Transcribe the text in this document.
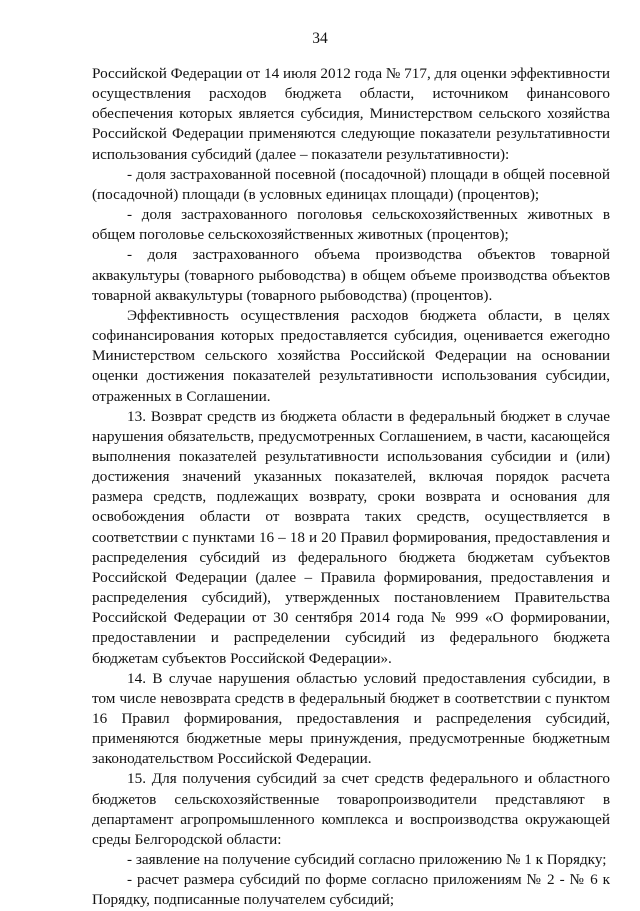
34

Российской Федерации от 14 июля 2012 года № 717, для оценки эффективности осуществления расходов бюджета области, источником финансового обеспечения которых является субсидия, Министерством сельского хозяйства Российской Федерации применяются следующие показатели результативности использования субсидий (далее – показатели результативности):

- доля застрахованной посевной (посадочной) площади в общей посевной (посадочной) площади (в условных единицах площади) (процентов);

- доля застрахованного поголовья сельскохозяйственных животных в общем поголовье сельскохозяйственных животных (процентов);

- доля застрахованного объема производства объектов товарной аквакультуры (товарного рыбоводства) в общем объеме производства объектов товарной аквакультуры (товарного рыбоводства) (процентов).

Эффективность осуществления расходов бюджета области, в целях софинансирования которых предоставляется субсидия, оценивается ежегодно Министерством сельского хозяйства Российской Федерации на основании оценки достижения показателей результативности использования субсидии, отраженных в Соглашении.

13. Возврат средств из бюджета области в федеральный бюджет в случае нарушения обязательств, предусмотренных Соглашением, в части, касающейся выполнения показателей результативности использования субсидии и (или) достижения значений указанных показателей, включая порядок расчета размера средств, подлежащих возврату, сроки возврата и основания для освобождения области от возврата таких средств, осуществляется в соответствии с пунктами 16 – 18 и 20 Правил формирования, предоставления и распределения субсидий из федерального бюджета бюджетам субъектов Российской Федерации (далее – Правила формирования, предоставления и распределения субсидий), утвержденных постановлением Правительства Российской Федерации от 30 сентября 2014 года № 999 «О формировании, предоставлении и распределении субсидий из федерального бюджета бюджетам субъектов Российской Федерации».

14. В случае нарушения областью условий предоставления субсидии, в том числе невозврата средств в федеральный бюджет в соответствии с пунктом 16 Правил формирования, предоставления и распределения субсидий, применяются бюджетные меры принуждения, предусмотренные бюджетным законодательством Российской Федерации.

15. Для получения субсидий за счет средств федерального и областного бюджетов сельскохозяйственные товаропроизводители представляют в департамент агропромышленного комплекса и воспроизводства окружающей среды Белгородской области:

- заявление на получение субсидий согласно приложению № 1 к Порядку;

- расчет размера субсидий по форме согласно приложениям № 2 - № 6 к Порядку, подписанные получателем субсидий;
